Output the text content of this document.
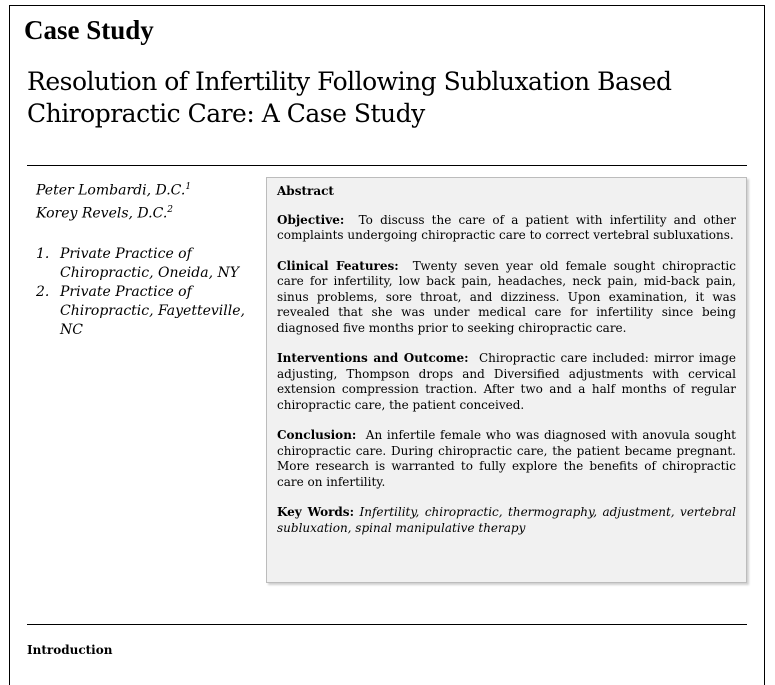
Case Study
Resolution of Infertility Following Subluxation Based Chiropractic Care: A Case Study
Peter Lombardi, D.C.$^1$
Korey Revels, D.C.$^2$
1. Private Practice of Chiropractic, Oneida, NY
2. Private Practice of Chiropractic, Fayetteville, NC
Abstract

Objective: To discuss the care of a patient with infertility and other complaints undergoing chiropractic care to correct vertebral subluxations.

Clinical Features: Twenty seven year old female sought chiropractic care for infertility, low back pain, headaches, neck pain, mid-back pain, sinus problems, sore throat, and dizziness. Upon examination, it was revealed that she was under medical care for infertility since being diagnosed five months prior to seeking chiropractic care.

Interventions and Outcome: Chiropractic care included: mirror image adjusting, Thompson drops and Diversified adjustments with cervical extension compression traction. After two and a half months of regular chiropractic care, the patient conceived.

Conclusion: An infertile female who was diagnosed with anovula sought chiropractic care. During chiropractic care, the patient became pregnant. More research is warranted to fully explore the benefits of chiropractic care on infertility.

Key Words: Infertility, chiropractic, thermography, adjustment, vertebral subluxation, spinal manipulative therapy

Introduction
